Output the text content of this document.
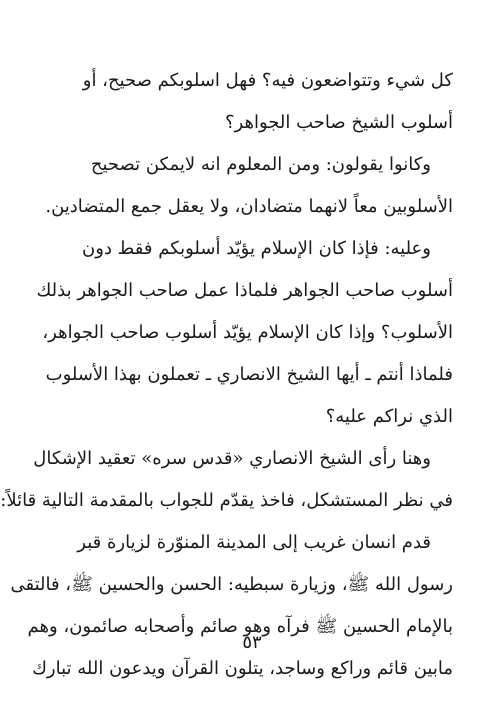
كل شيء وتتواضعون فيه؟ فهل اسلوبكم صحيح، أو
أسلوب الشيخ صاحب الجواهر؟
وكانوا يقولون: ومن المعلوم انه لايمكن تصحيح
الأسلوبين معاً لانهما متضادان، ولا يعقل جمع المتضادين.
وعليه: فإذا كان الإسلام يؤيّد أسلوبكم فقط دون
أسلوب صاحب الجواهر فلماذا عمل صاحب الجواهر بذلك
الأسلوب؟ وإذا كان الإسلام يؤيّد أسلوب صاحب الجواهر،
فلماذا أنتم ـ أيها الشيخ الانصاري ـ تعملون بهذا الأسلوب
الذي نراكم عليه؟
وهنا رأى الشيخ الانصاري «قدس سره» تعقيد الإشكال
في نظر المستشكل، فاخذ يقدّم للجواب بالمقدمة التالية قائلاً:
قدم انسان غريب إلى المدينة المنوّرة لزيارة قبر
رسول الله ﷺ، وزيارة سبطيه: الحسن والحسين ﷺ، فالتقى
بالإمام الحسين ﷺ فرآه وهو صائم وأصحابه صائمون، وهم
مابين قائم وراكع وساجد، يتلون القرآن ويدعون الله تبارك
٥٣
